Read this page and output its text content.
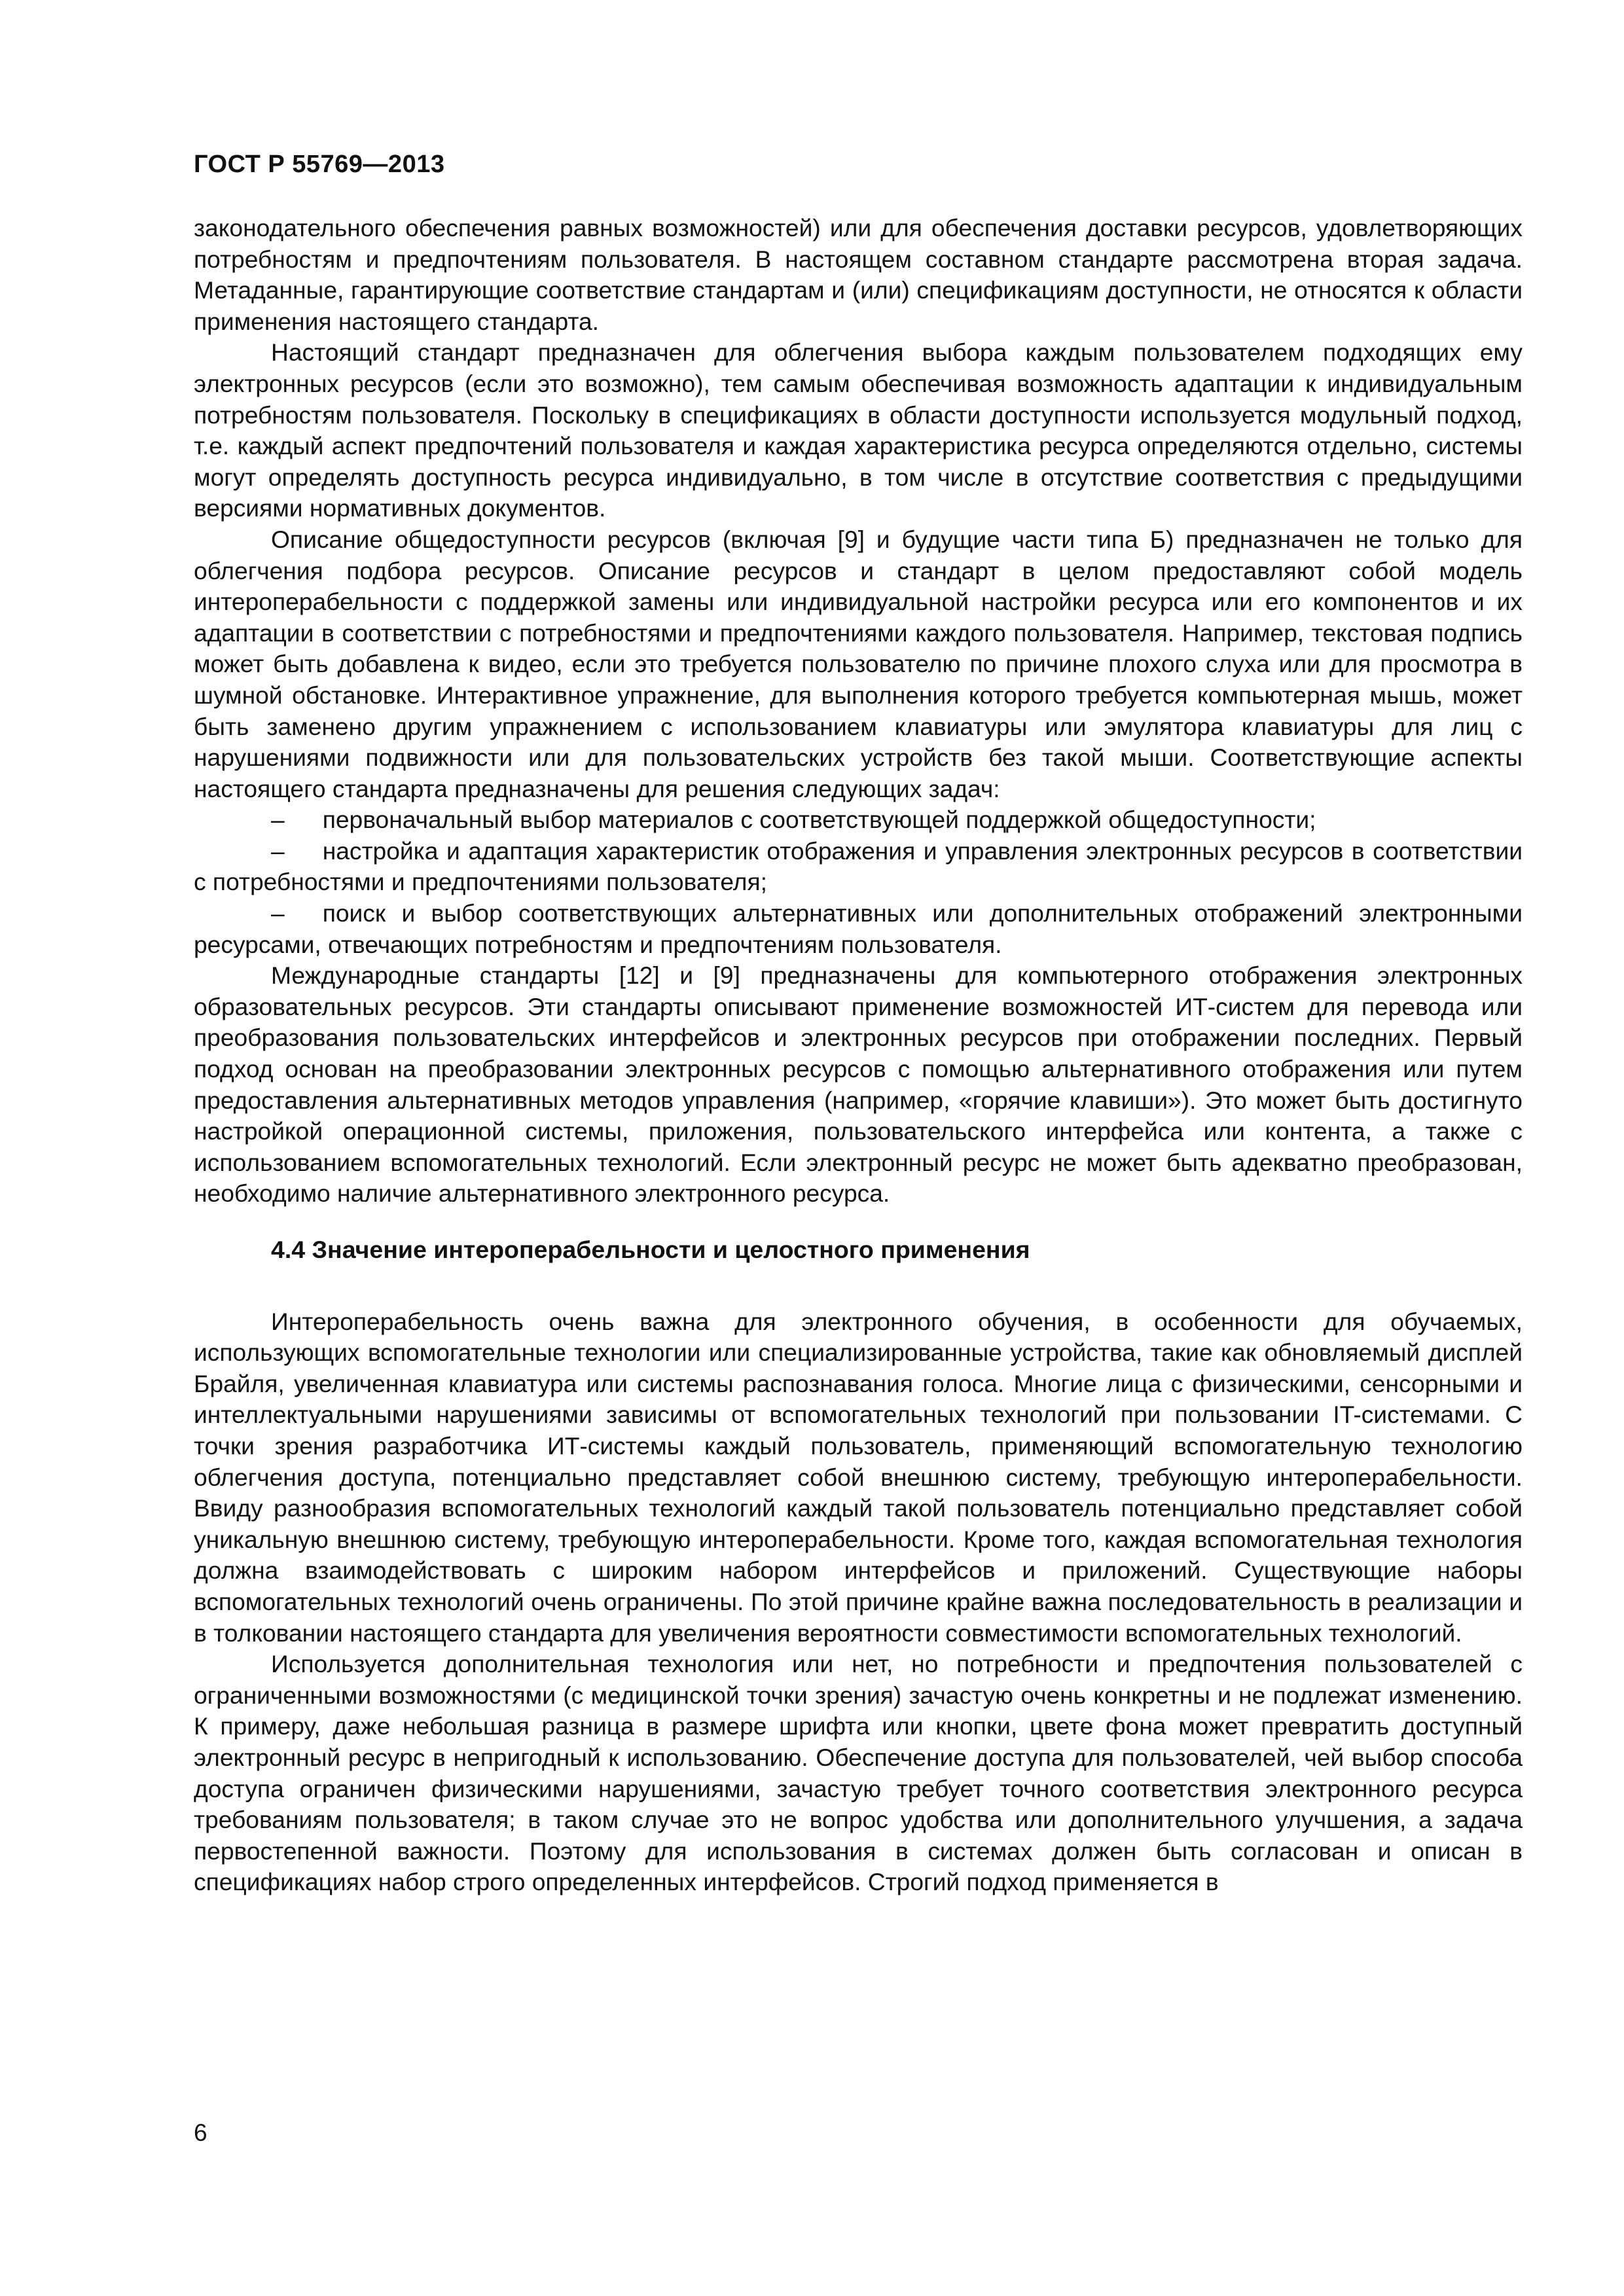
ГОСТ Р 55769—2013

законодательного обеспечения равных возможностей) или для обеспечения доставки ресурсов, удовлетворяющих потребностям и предпочтениям пользователя. В настоящем составном стандарте рассмотрена вторая задача. Метаданные, гарантирующие соответствие стандартам и (или) спецификациям доступности, не относятся к области применения настоящего стандарта.

Настоящий стандарт предназначен для облегчения выбора каждым пользователем подходящих ему электронных ресурсов (если это возможно), тем самым обеспечивая возможность адаптации к индивидуальным потребностям пользователя. Поскольку в спецификациях в области доступности используется модульный подход, т.е. каждый аспект предпочтений пользователя и каждая характеристика ресурса определяются отдельно, системы могут определять доступность ресурса индивидуально, в том числе в отсутствие соответствия с предыдущими версиями нормативных документов.

Описание общедоступности ресурсов (включая [9] и будущие части типа Б) предназначен не только для облегчения подбора ресурсов. Описание ресурсов и стандарт в целом предоставляют собой модель интероперабельности с поддержкой замены или индивидуальной настройки ресурса или его компонентов и их адаптации в соответствии с потребностями и предпочтениями каждого пользователя. Например, текстовая подпись может быть добавлена к видео, если это требуется пользователю по причине плохого слуха или для просмотра в шумной обстановке. Интерактивное упражнение, для выполнения которого требуется компьютерная мышь, может быть заменено другим упражнением с использованием клавиатуры или эмулятора клавиатуры для лиц с нарушениями подвижности или для пользовательских устройств без такой мыши. Соответствующие аспекты настоящего стандарта предназначены для решения следующих задач:

– первоначальный выбор материалов с соответствующей поддержкой общедоступности;

– настройка и адаптация характеристик отображения и управления электронных ресурсов в соответствии с потребностями и предпочтениями пользователя;

– поиск и выбор соответствующих альтернативных или дополнительных отображений электронными ресурсами, отвечающих потребностям и предпочтениям пользователя.

Международные стандарты [12] и [9] предназначены для компьютерного отображения электронных образовательных ресурсов. Эти стандарты описывают применение возможностей ИТ-систем для перевода или преобразования пользовательских интерфейсов и электронных ресурсов при отображении последних. Первый подход основан на преобразовании электронных ресурсов с помощью альтернативного отображения или путем предоставления альтернативных методов управления (например, «горячие клавиши»). Это может быть достигнуто настройкой операционной системы, приложения, пользовательского интерфейса или контента, а также с использованием вспомогательных технологий. Если электронный ресурс не может быть адекватно преобразован, необходимо наличие альтернативного электронного ресурса.

4.4 Значение интероперабельности и целостного применения

Интероперабельность очень важна для электронного обучения, в особенности для обучаемых, использующих вспомогательные технологии или специализированные устройства, такие как обновляемый дисплей Брайля, увеличенная клавиатура или системы распознавания голоса. Многие лица с физическими, сенсорными и интеллектуальными нарушениями зависимы от вспомогательных технологий при пользовании IT-системами. С точки зрения разработчика ИТ-системы каждый пользователь, применяющий вспомогательную технологию облегчения доступа, потенциально представляет собой внешнюю систему, требующую интероперабельности. Ввиду разнообразия вспомогательных технологий каждый такой пользователь потенциально представляет собой уникальную внешнюю систему, требующую интероперабельности. Кроме того, каждая вспомогательная технология должна взаимодействовать с широким набором интерфейсов и приложений. Существующие наборы вспомогательных технологий очень ограничены. По этой причине крайне важна последовательность в реализации и в толковании настоящего стандарта для увеличения вероятности совместимости вспомогательных технологий.

Используется дополнительная технология или нет, но потребности и предпочтения пользователей с ограниченными возможностями (с медицинской точки зрения) зачастую очень конкретны и не подлежат изменению. К примеру, даже небольшая разница в размере шрифта или кнопки, цвете фона может превратить доступный электронный ресурс в непригодный к использованию. Обеспечение доступа для пользователей, чей выбор способа доступа ограничен физическими нарушениями, зачастую требует точного соответствия электронного ресурса требованиям пользователя; в таком случае это не вопрос удобства или дополнительного улучшения, а задача первостепенной важности. Поэтому для использования в системах должен быть согласован и описан в спецификациях набор строго определенных интерфейсов. Строгий подход применяется в

6
